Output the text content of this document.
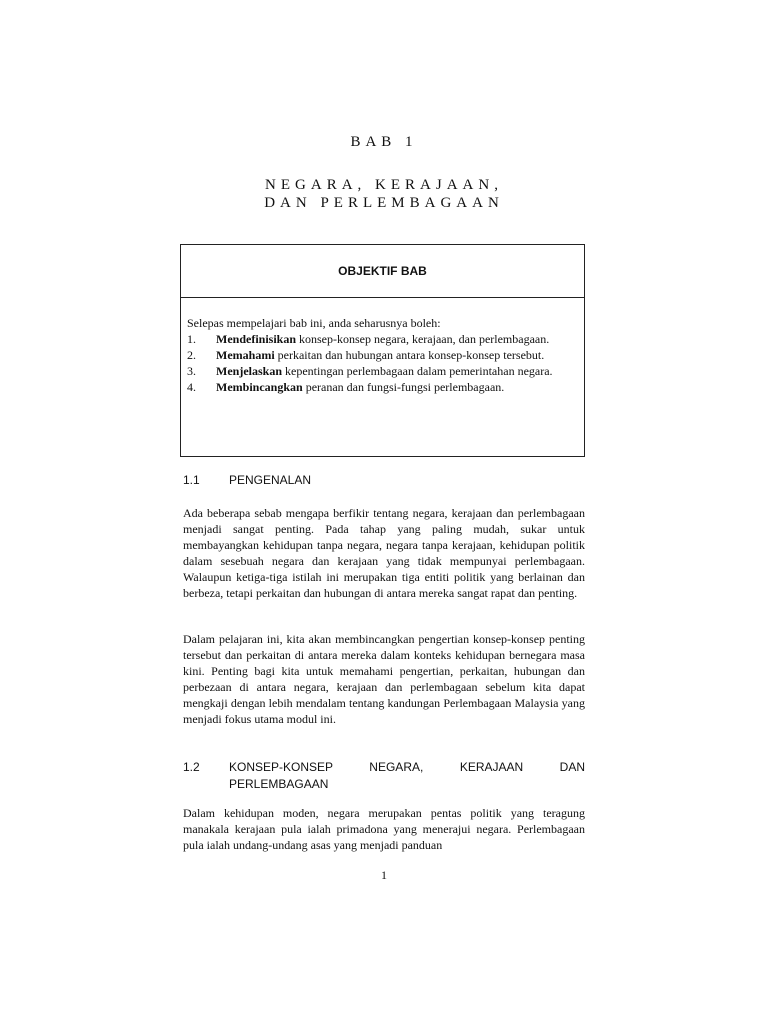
BAB 1
NEGARA, KERAJAAN,
DAN PERLEMBAGAAN
OBJEKTIF BAB
Selepas mempelajari bab ini, anda seharusnya boleh:
1.	Mendefinisikan konsep-konsep negara, kerajaan, dan perlembagaan.
2.	Memahami perkaitan dan hubungan antara konsep-konsep tersebut.
3.	Menjelaskan kepentingan perlembagaan dalam pemerintahan negara.
4.	Membincangkan peranan dan fungsi-fungsi perlembagaan.
1.1	PENGENALAN
Ada beberapa sebab mengapa berfikir tentang negara, kerajaan dan perlembagaan menjadi sangat penting. Pada tahap yang paling mudah, sukar untuk membayangkan kehidupan tanpa negara, negara tanpa kerajaan, kehidupan politik dalam sesebuah negara dan kerajaan yang tidak mempunyai perlembagaan. Walaupun ketiga-tiga istilah ini merupakan tiga entiti politik yang berlainan dan berbeza, tetapi perkaitan dan hubungan di antara mereka sangat rapat dan penting.
Dalam pelajaran ini, kita akan membincangkan pengertian konsep-konsep penting tersebut dan perkaitan di antara mereka dalam konteks kehidupan bernegara masa kini. Penting bagi kita untuk memahami pengertian, perkaitan, hubungan dan perbezaan di antara negara, kerajaan dan perlembagaan sebelum kita dapat mengkaji dengan lebih mendalam tentang kandungan Perlembagaan Malaysia yang menjadi fokus utama modul ini.
1.2	KONSEP-KONSEP NEGARA, KERAJAAN DAN
PERLEMBAGAAN
Dalam kehidupan moden, negara merupakan pentas politik yang teragung manakala kerajaan pula ialah primadona yang menerajui negara. Perlembagaan pula ialah undang-undang asas yang menjadi panduan
1
